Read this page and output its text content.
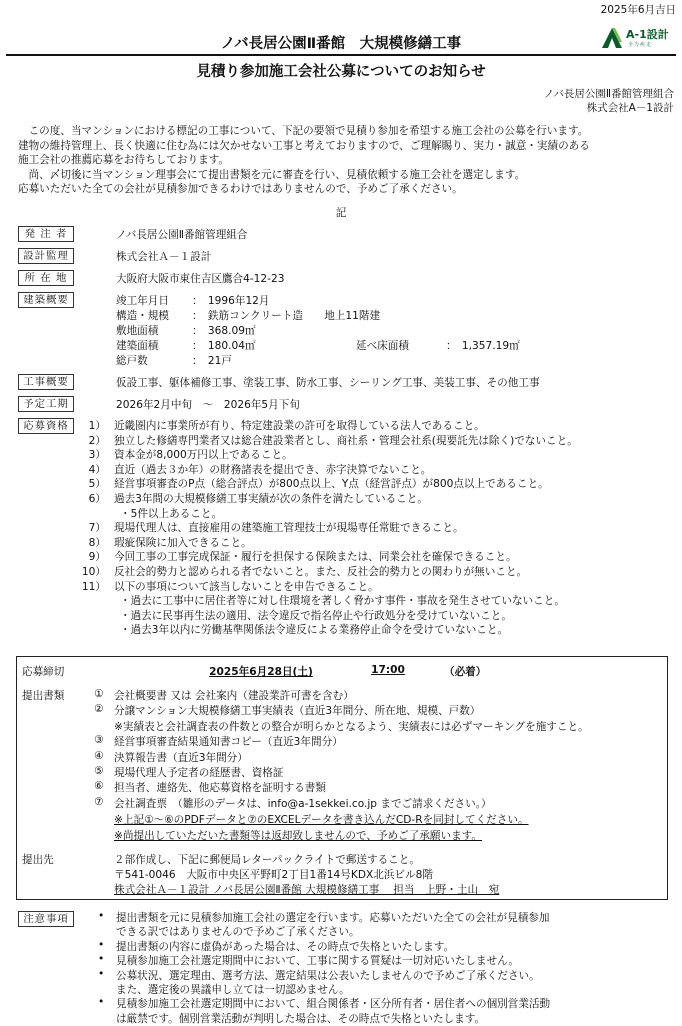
2025年6月吉日
ノバ長居公園Ⅱ番館　大規模修繕工事
A-1設計
全力疾走
見積り参加施工会社公募についてのお知らせ
ノバ長居公園Ⅱ番館管理組合
株式会社A－1設計
　この度、当マンションにおける標記の工事について、下記の要領で見積り参加を希望する施工会社の公募を行います。
建物の維持管理上、長く快適に住む為には欠かせない工事と考えておりますので、ご理解賜り、実力・誠意・実績のある
施工会社の推薦応募をお待ちしております。
　尚、〆切後に当マンション理事会にて提出書類を元に審査を行い、見積依頼する施工会社を選定します。
応募いただいた全ての会社が見積参加できるわけではありませんので、予めご了承ください。
記
発 注 者	ノバ長居公園Ⅱ番館管理組合
設計監理	株式会社Ａ－１設計
所 在 地	大阪府大阪市東住吉区鷹合4-12-23
建築概要	竣工年月日 ：　1996年12月
構造・規模 ：　鉄筋コンクリート造　　地上11階建
敷地面積	：　368.09㎡
建築面積	：　180.04㎡	延べ床面積	：　1,357.19㎡
総戸数	：　21戸
工事概要	仮設工事、躯体補修工事、塗装工事、防水工事、シーリング工事、美装工事、その他工事
予定工期	2026年2月中旬　～　2026年5月下旬
応募資格	1） 近畿圏内に事業所が有り、特定建設業の許可を取得している法人であること。
2） 独立した修繕専門業者又は総合建設業者とし、商社系・管理会社系(現要託先は除く)でないこと。
3） 資本金が8,000万円以上であること。
4） 直近（過去３か年）の財務諸表を提出でき、赤字決算でないこと。
5） 経営事項審査のP点（総合評点）が800点以上、Y点（経営評点）が800点以上であること。
6） 過去3年間の大規模修繕工事実績が次の条件を満たしていること。
・5件以上あること。
7） 現場代理人は、直接雇用の建築施工管理技士が現場専任常駐できること。
8） 瑕疵保険に加入できること。
9） 今回工事の工事完成保証・履行を担保する保険または、同業会社を確保できること。
10） 反社会的勢力と認められる者でないこと。また、反社会的勢力との関わりが無いこと。
11） 以下の事項について該当しないことを申告できること。
・過去に工事中に居住者等に対し住環境を著しく脅かす事件・事故を発生させていないこと。
・過去に民事再生法の適用、法令違反で指名停止や行政処分を受けていないこと。
・過去3年以内に労働基準関係法令違反による業務停止命令を受けていないこと。
応募締切	2025年6月28日(土)	17:00	（必着）
提出書類	① 会社概要書 又は 会社案内（建設業許可書を含む）
② 分譲マンション大規模修繕工事実績表（直近3年間分、所在地、規模、戸数）
※実績表と会社調査表の件数との整合が明らかとなるよう、実績表には必ずマーキングを施すこと。
③ 経営事項審査結果通知書コピー（直近3年間分）
④ 決算報告書（直近3年間分）
⑤ 現場代理人予定者の経歴書、資格証
⑥ 担当者、連絡先、他応募資格を証明する書類
⑦ 会社調査票　（雛形のデータは、info@a-1sekkei.co.jp までご請求ください。）
※上記①～⑥のPDFデータと⑦のEXCELデータを書き込んだCD-Rを同封してください。
※尚提出していただいた書類等は返却致しませんので、予めご了承願います。
提出先	２部作成し、下記に郵便局レターパックライトで郵送すること。
〒541-0046　大阪市中央区平野町2丁目1番14号KDX北浜ビル8階
株式会社Ａ－１設計 ノバ長居公園Ⅱ番館 大規模修繕工事　 担当　上野・土山　宛
注意事項	• 提出書類を元に見積参加施工会社の選定を行います。応募いただいた全ての会社が見積参加
できる訳ではありませんので予めご了承ください。
• 提出書類の内容に虚偽があった場合は、その時点で失格といたします。
• 見積参加施工会社選定期間中において、工事に関する質疑は一切対応いたしません。
• 公募状況、選定理由、選考方法、選定結果は公表いたしませんので予めご了承ください。
また、選定後の異議申し立ては一切認めません。
• 見積参加施工会社選定期間中において、組合関係者・区分所有者・居住者への個別営業活動
は厳禁です。個別営業活動が判明した場合は、その時点で失格といたします。
